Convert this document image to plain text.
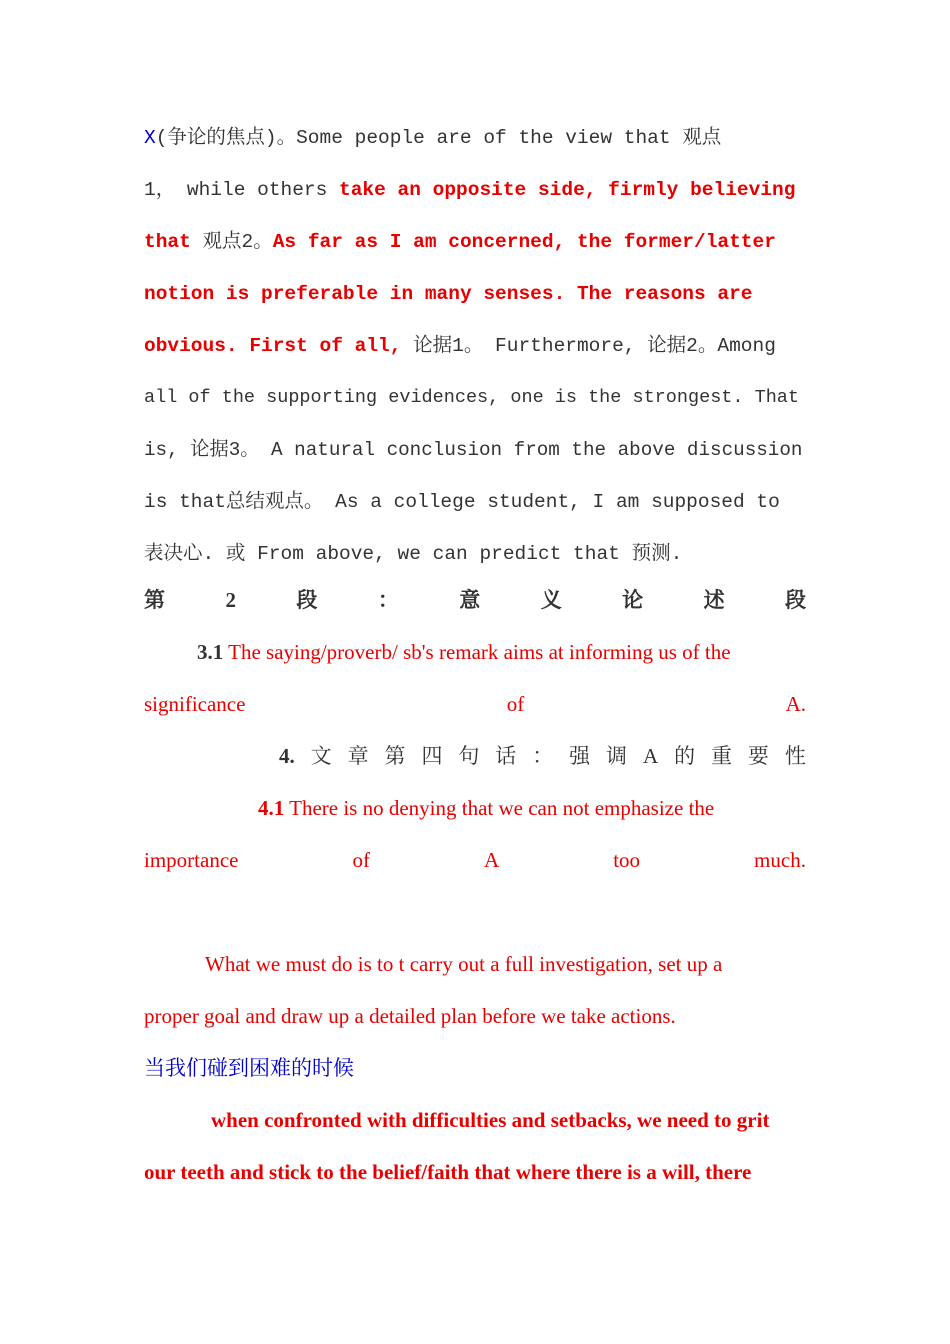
X(争论的焦点)。Some people are of the view that 观点
1， while others take an opposite side, firmly believing
that 观点2。As far as I am concerned, the former/latter
notion is preferable in many senses. The reasons are
obvious. First of all, 论据1。 Furthermore, 论据2。Among
all of the supporting evidences, one is the strongest. That
is, 论据3。 A natural conclusion from the above discussion
is that总结观点。 As a college student, I am supposed to
表决心. 或 From above, we can predict that 预测.
第	2	段	：	意	义	论	述	段
3.1 The saying/proverb/ sb's remark aims at informing us of the
significance	of	A.
4. 文 章 第 四 句 话 ： 强 调 A 的 重 要 性
4.1 There is no denying that we can not emphasize the
importance	of	A	too	much.
What we must do is to t carry out a full investigation, set up a
proper goal and draw up a detailed plan before we take actions.
当我们碰到困难的时候
when confronted with difficulties and setbacks, we need to grit
our teeth and stick to the belief/faith that where there is a will, there
